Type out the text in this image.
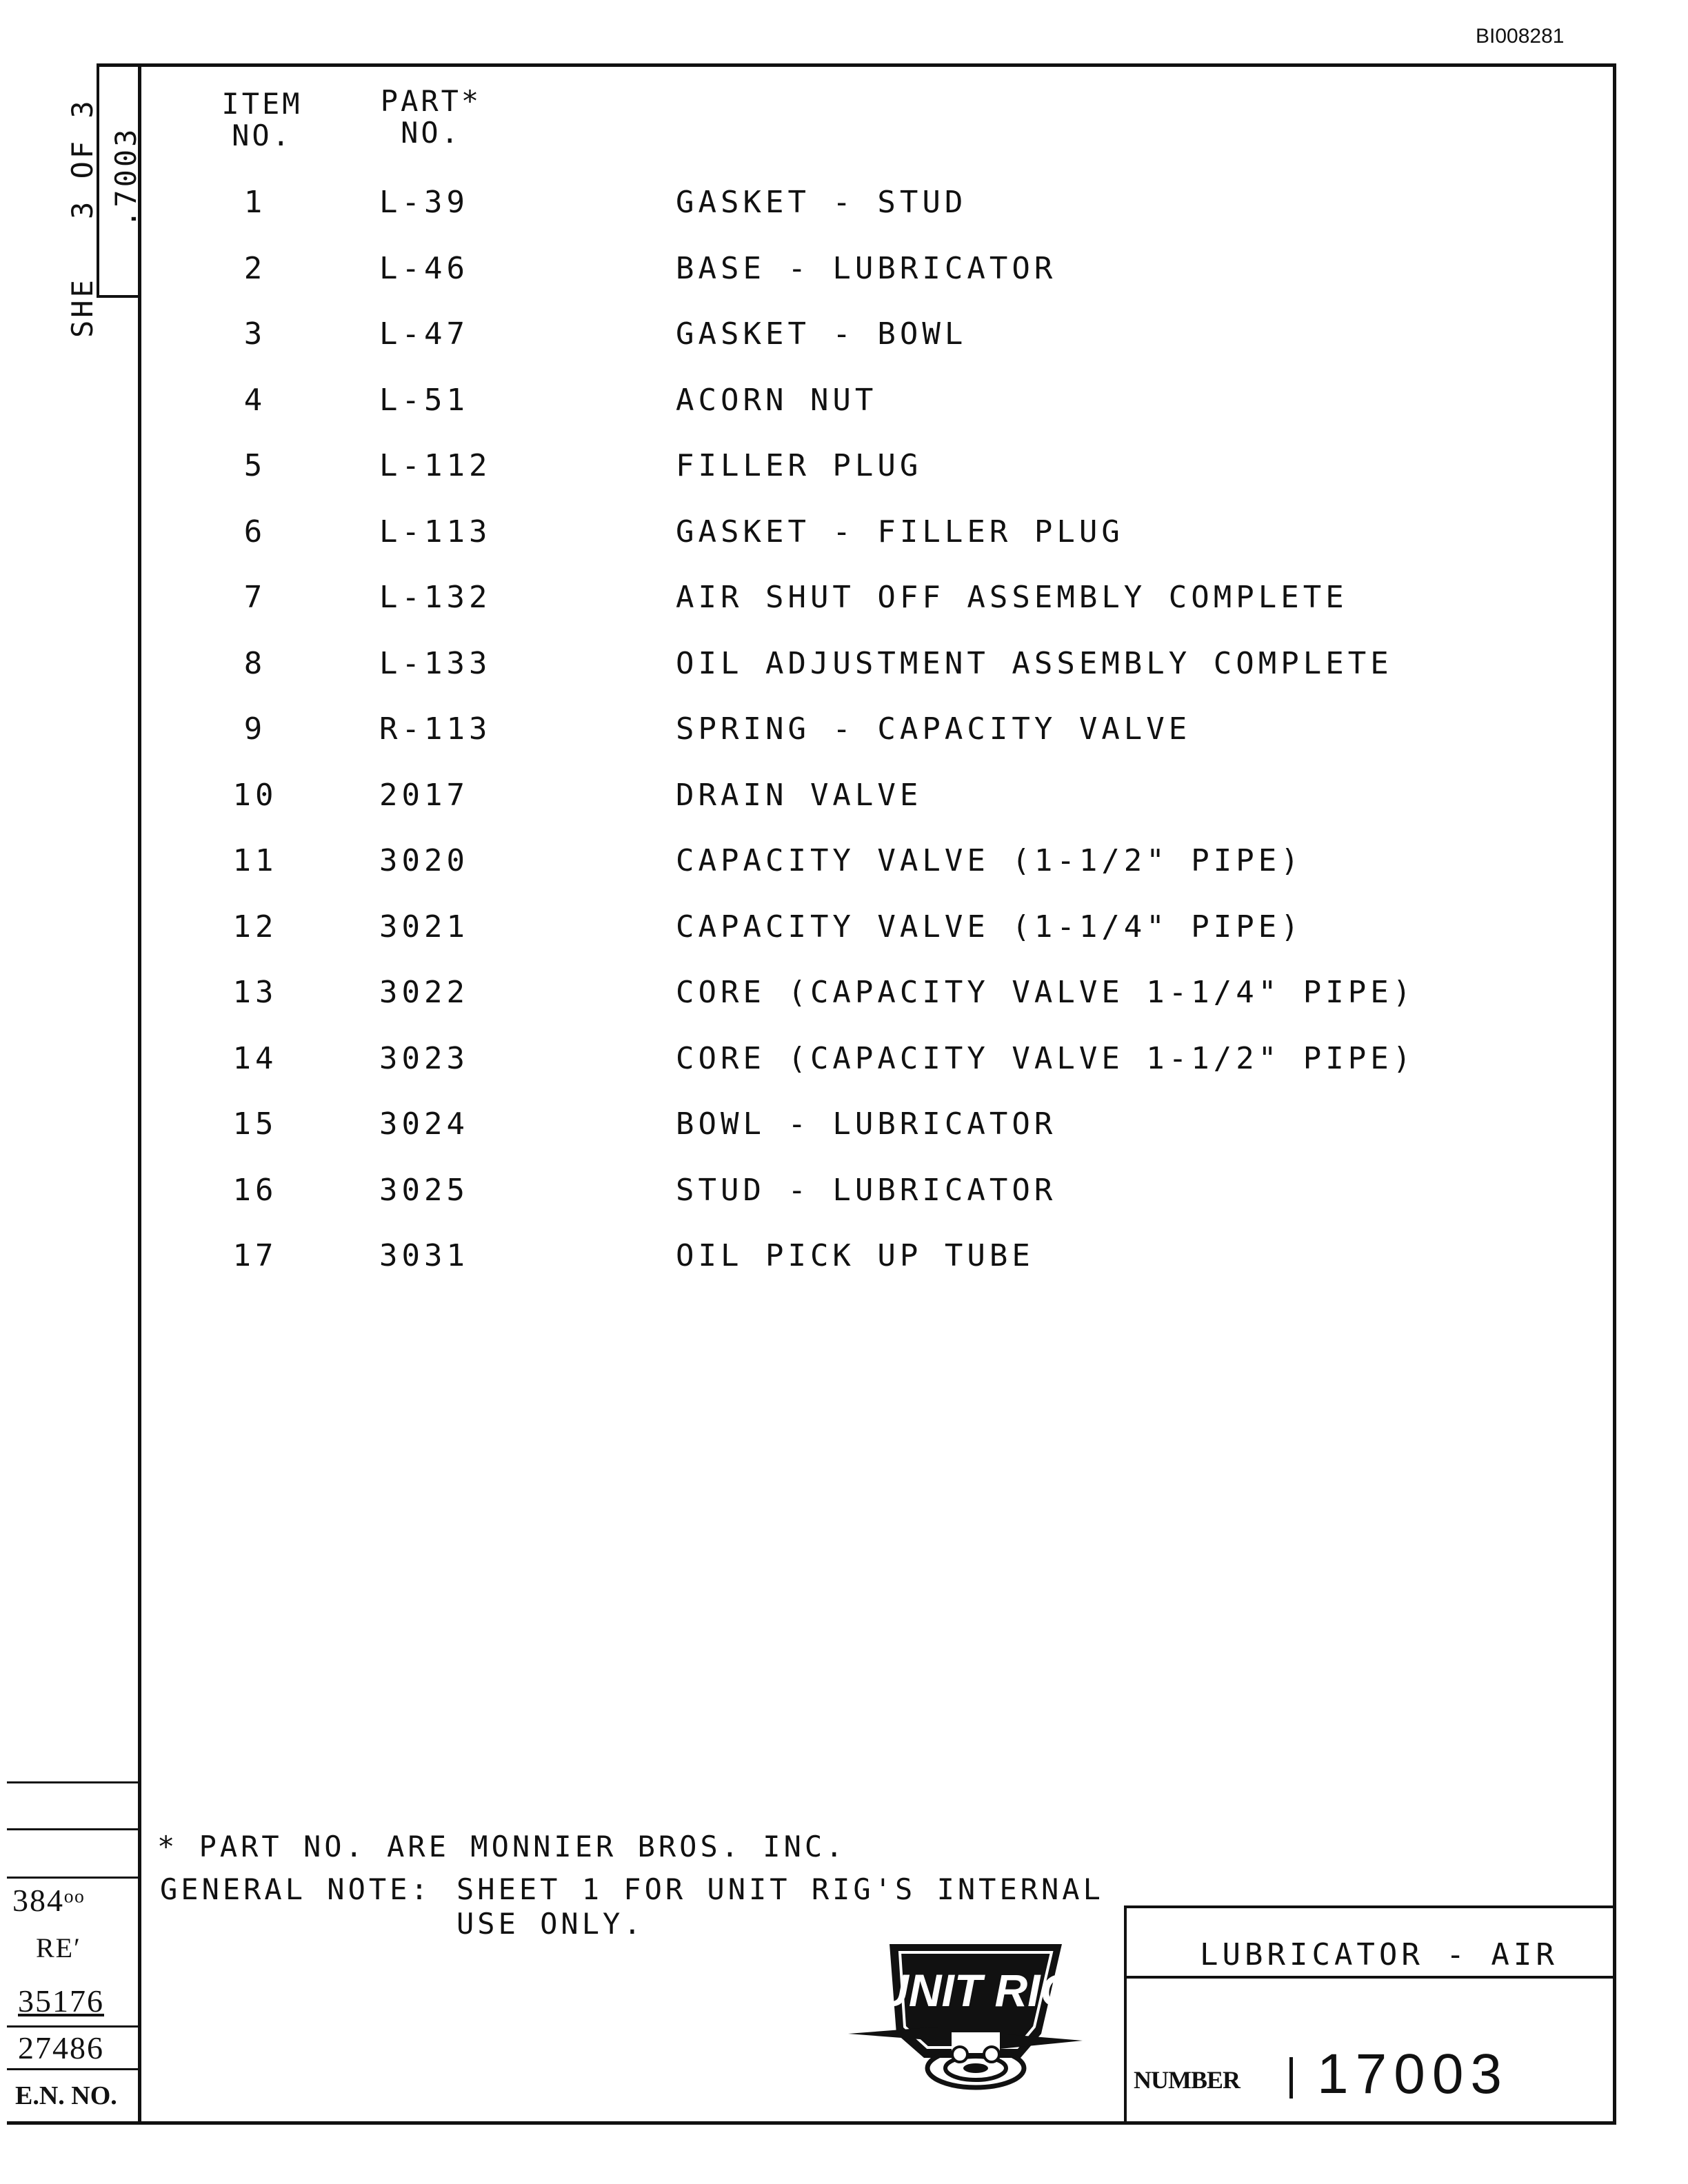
BI008281
SHE
3 OF 3 .7003
384ᵒᵒ
RE′
35176
27486
E.N. NO.
ITEM
NO.
PART*
NO.
1	L-39	GASKET - STUD
2	L-46	BASE - LUBRICATOR
3	L-47	GASKET - BOWL
4	L-51	ACORN NUT
5	L-112	FILLER PLUG
6	L-113	GASKET - FILLER PLUG
7	L-132	AIR SHUT OFF ASSEMBLY COMPLETE
8	L-133	OIL ADJUSTMENT ASSEMBLY COMPLETE
9	R-113	SPRING - CAPACITY VALVE
10	2017	DRAIN VALVE
11	3020	CAPACITY VALVE (1-1/2" PIPE)
12	3021	CAPACITY VALVE (1-1/4" PIPE)
13	3022	CORE (CAPACITY VALVE 1-1/4" PIPE)
14	3023	CORE (CAPACITY VALVE 1-1/2" PIPE)
15	3024	BOWL - LUBRICATOR
16	3025	STUD - LUBRICATOR
17	3031	OIL PICK UP TUBE
* PART NO. ARE MONNIER BROS. INC.
GENERAL NOTE: SHEET 1 FOR UNIT RIG'S INTERNAL
USE ONLY.
UNIT RIG
LUBRICATOR - AIR
NUMBER 17003
